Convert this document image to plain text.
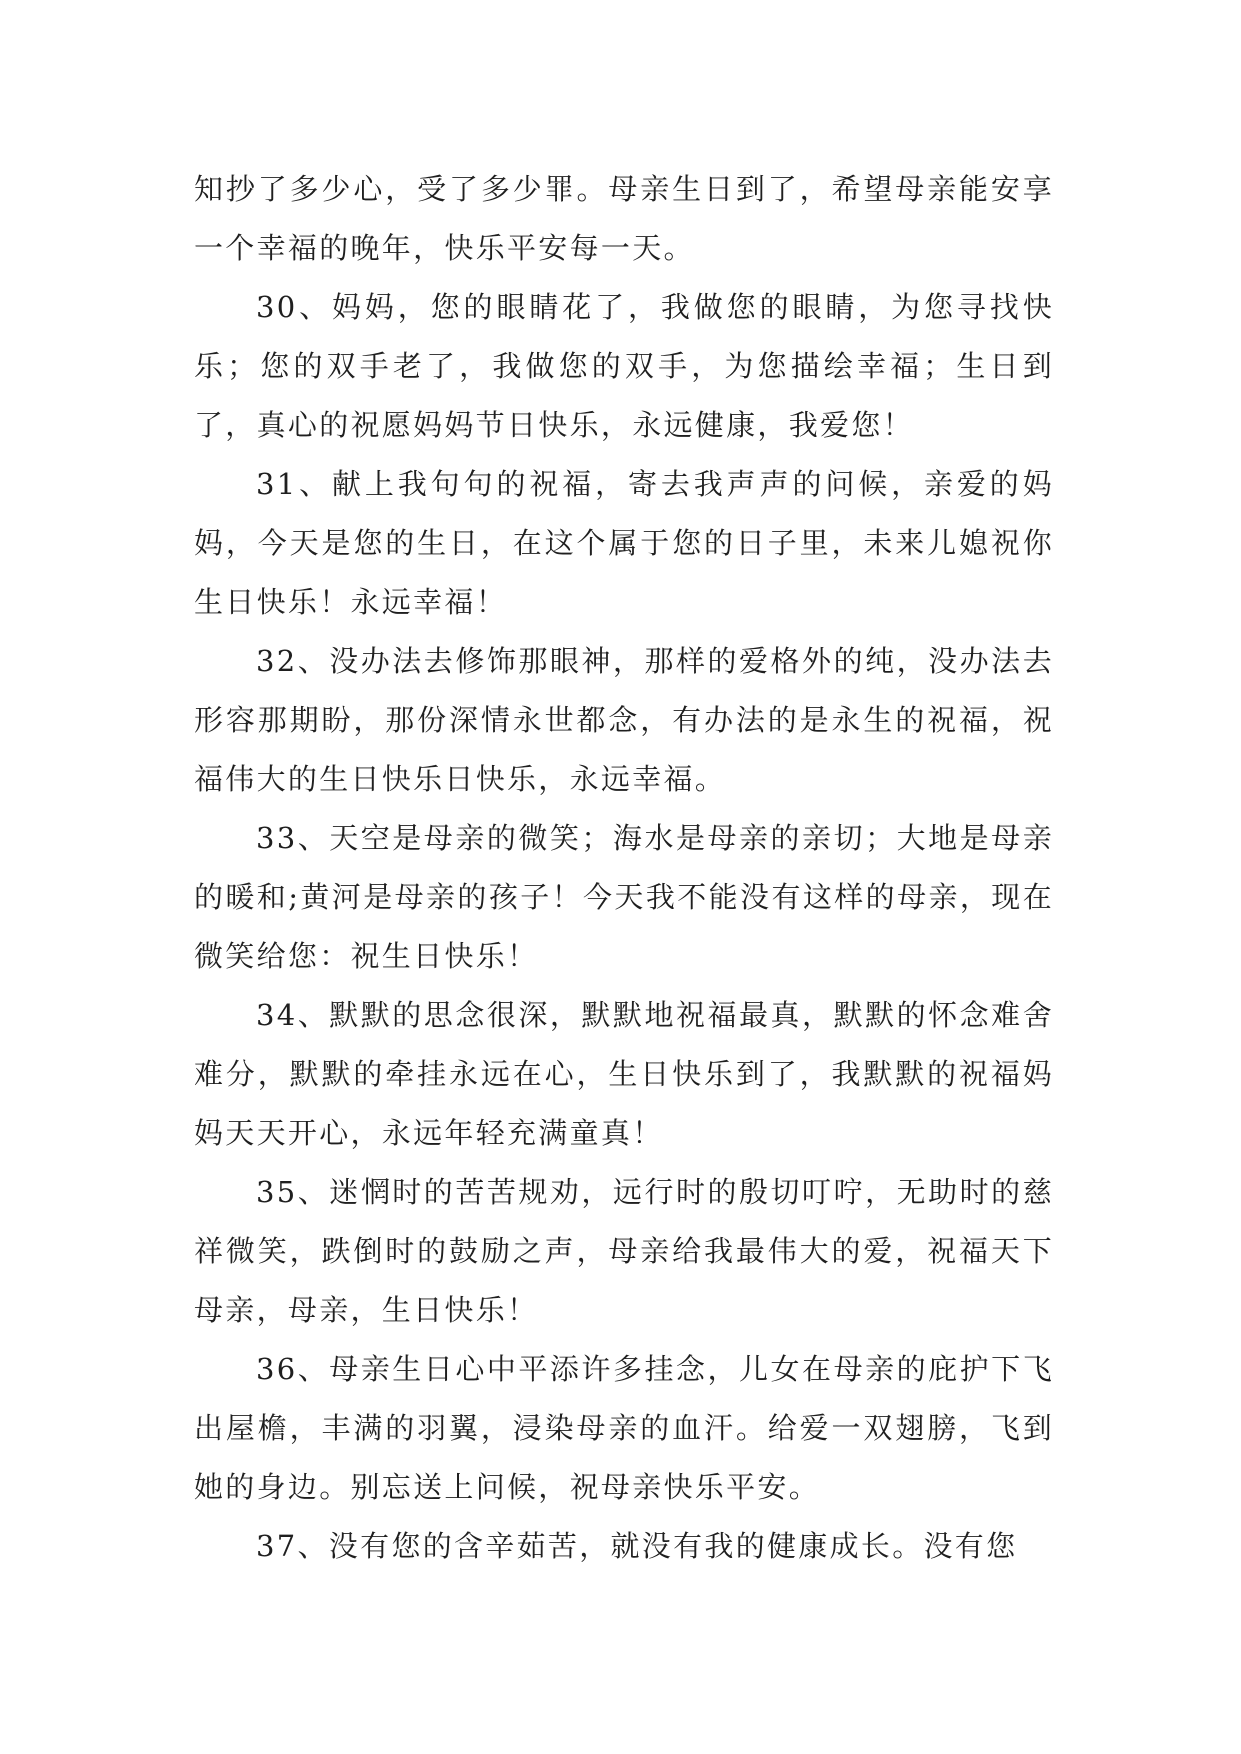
知抄了多少心，受了多少罪。母亲生日到了，希望母亲能安享一个幸福的晚年，快乐平安每一天。

30、妈妈，您的眼睛花了，我做您的眼睛，为您寻找快乐；您的双手老了，我做您的双手，为您描绘幸福；生日到了，真心的祝愿妈妈节日快乐，永远健康，我爱您！

31、献上我句句的祝福，寄去我声声的问候，亲爱的妈妈，今天是您的生日，在这个属于您的日子里，未来儿媳祝你生日快乐！永远幸福！

32、没办法去修饰那眼神，那样的爱格外的纯，没办法去形容那期盼，那份深情永世都念，有办法的是永生的祝福，祝福伟大的生日快乐日快乐，永远幸福。

33、天空是母亲的微笑；海水是母亲的亲切；大地是母亲的暖和;黄河是母亲的孩子！今天我不能没有这样的母亲，现在微笑给您：祝生日快乐！

34、默默的思念很深，默默地祝福最真，默默的怀念难舍难分，默默的牵挂永远在心，生日快乐到了，我默默的祝福妈妈天天开心，永远年轻充满童真！

35、迷惘时的苦苦规劝，远行时的殷切叮咛，无助时的慈祥微笑，跌倒时的鼓励之声，母亲给我最伟大的爱，祝福天下母亲，母亲，生日快乐！

36、母亲生日心中平添许多挂念，儿女在母亲的庇护下飞出屋檐，丰满的羽翼，浸染母亲的血汗。给爱一双翅膀，飞到她的身边。别忘送上问候，祝母亲快乐平安。

37、没有您的含辛茹苦，就没有我的健康成长。没有您
